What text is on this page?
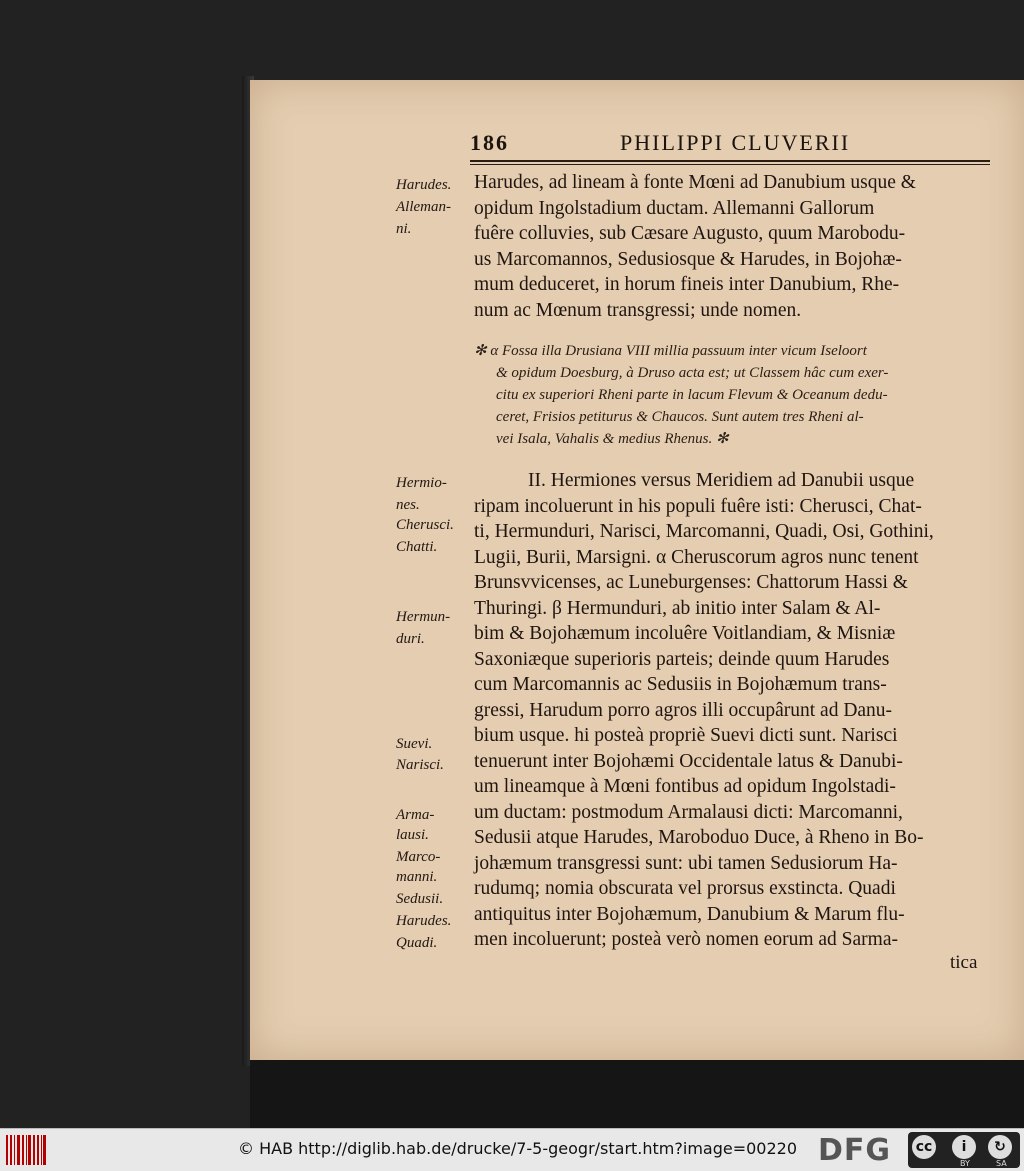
186	PHILIPPI CLUVERII
Harudes.
Alleman-
ni.
Hermio-
nes.
Cherusci.
Chatti.
Hermun-
duri.
Suevi.
Narisci.
Arma-
lausi.
Marco-
manni.
Sedusii.
Harudes.
Quadi.
Harudes, ad lineam à fonte Mœni ad Danubium usque &
opidum Ingolstadium ductam. Allemanni Gallorum
fuêre colluvies, sub Cæsare Augusto, quum Marobodu-
us Marcomannos, Sedusiosque & Harudes, in Bojohæ-
mum deduceret, in horum fineis inter Danubium, Rhe-
num ac Mœnum transgressi; unde nomen.
✻ α Fossa illa Drusiana VIII millia passuum inter vicum Iseloort
& opidum Doesburg, à Druso acta est; ut Classem hâc cum exer-
citu ex superiori Rheni parte in lacum Flevum & Oceanum dedu-
ceret, Frisios petiturus & Chaucos. Sunt autem tres Rheni al-
vei Isala, Vahalis & medius Rhenus. ✻
II. Hermiones versus Meridiem ad Danubii usque
ripam incoluerunt in his populi fuêre isti: Cherusci, Chat-
ti, Hermunduri, Narisci, Marcomanni, Quadi, Osi, Gothini,
Lugii, Burii, Marsigni. α Cheruscorum agros nunc tenent
Brunsvvicenses, ac Luneburgenses: Chattorum Hassi &
Thuringi. β Hermunduri, ab initio inter Salam & Al-
bim & Bojohæmum incoluêre Voitlandiam, & Misniæ
Saxoniæque superioris parteis; deinde quum Harudes
cum Marcomannis ac Sedusiis in Bojohæmum trans-
gressi, Harudum porro agros illi occupârunt ad Danu-
bium usque. hi posteà propriè Suevi dicti sunt. Narisci
tenuerunt inter Bojohæmi Occidentale latus & Danubi-
um lineamque à Mœni fontibus ad opidum Ingolstadi-
um ductam: postmodum Armalausi dicti: Marcomanni,
Sedusii atque Harudes, Maroboduo Duce, à Rheno in Bo-
johæmum transgressi sunt: ubi tamen Sedusiorum Ha-
rudumq; nomia obscurata vel prorsus exstincta. Quadi
antiquitus inter Bojohæmum, Danubium & Marum flu-
men incoluerunt; posteà verò nomen eorum ad Sarma-
tica
© HAB http://diglib.hab.de/drucke/7-5-geogr/start.htm?image=00220 DFG cc	i	↻
BY	SA
